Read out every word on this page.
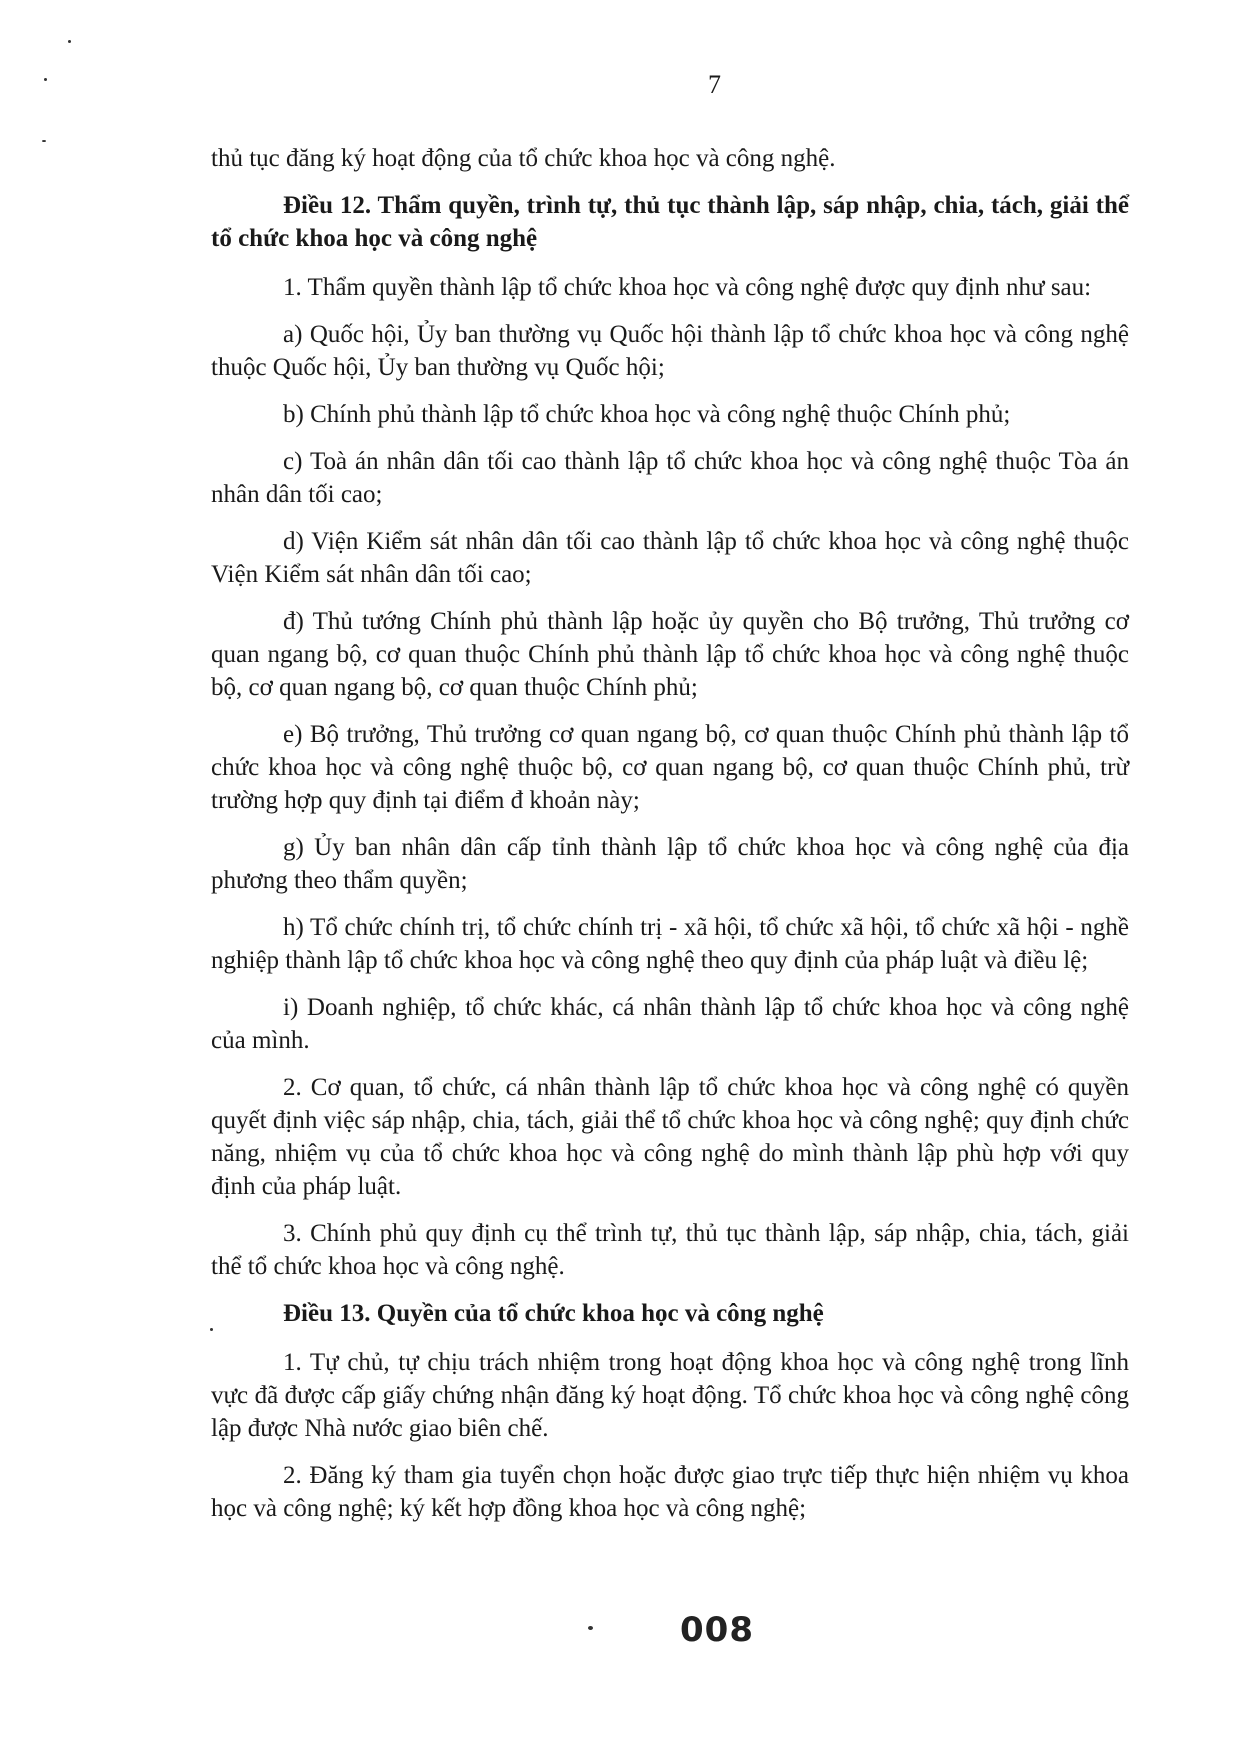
7

thủ tục đăng ký hoạt động của tổ chức khoa học và công nghệ.

Điều 12. Thẩm quyền, trình tự, thủ tục thành lập, sáp nhập, chia, tách, giải thể tổ chức khoa học và công nghệ

1. Thẩm quyền thành lập tổ chức khoa học và công nghệ được quy định như sau:

a) Quốc hội, Ủy ban thường vụ Quốc hội thành lập tổ chức khoa học và công nghệ thuộc Quốc hội, Ủy ban thường vụ Quốc hội;

b) Chính phủ thành lập tổ chức khoa học và công nghệ thuộc Chính phủ;

c) Toà án nhân dân tối cao thành lập tổ chức khoa học và công nghệ thuộc Tòa án nhân dân tối cao;

d) Viện Kiểm sát nhân dân tối cao thành lập tổ chức khoa học và công nghệ thuộc Viện Kiểm sát nhân dân tối cao;

đ) Thủ tướng Chính phủ thành lập hoặc ủy quyền cho Bộ trưởng, Thủ trưởng cơ quan ngang bộ, cơ quan thuộc Chính phủ thành lập tổ chức khoa học và công nghệ thuộc bộ, cơ quan ngang bộ, cơ quan thuộc Chính phủ;

e) Bộ trưởng, Thủ trưởng cơ quan ngang bộ, cơ quan thuộc Chính phủ thành lập tổ chức khoa học và công nghệ thuộc bộ, cơ quan ngang bộ, cơ quan thuộc Chính phủ, trừ trường hợp quy định tại điểm đ khoản này;

g) Ủy ban nhân dân cấp tỉnh thành lập tổ chức khoa học và công nghệ của địa phương theo thẩm quyền;

h) Tổ chức chính trị, tổ chức chính trị - xã hội, tổ chức xã hội, tổ chức xã hội - nghề nghiệp thành lập tổ chức khoa học và công nghệ theo quy định của pháp luật và điều lệ;

i) Doanh nghiệp, tổ chức khác, cá nhân thành lập tổ chức khoa học và công nghệ của mình.

2. Cơ quan, tổ chức, cá nhân thành lập tổ chức khoa học và công nghệ có quyền quyết định việc sáp nhập, chia, tách, giải thể tổ chức khoa học và công nghệ; quy định chức năng, nhiệm vụ của tổ chức khoa học và công nghệ do mình thành lập phù hợp với quy định của pháp luật.

3. Chính phủ quy định cụ thể trình tự, thủ tục thành lập, sáp nhập, chia, tách, giải thể tổ chức khoa học và công nghệ.

Điều 13. Quyền của tổ chức khoa học và công nghệ

1. Tự chủ, tự chịu trách nhiệm trong hoạt động khoa học và công nghệ trong lĩnh vực đã được cấp giấy chứng nhận đăng ký hoạt động. Tổ chức khoa học và công nghệ công lập được Nhà nước giao biên chế.

2. Đăng ký tham gia tuyển chọn hoặc được giao trực tiếp thực hiện nhiệm vụ khoa học và công nghệ; ký kết hợp đồng khoa học và công nghệ;

008
